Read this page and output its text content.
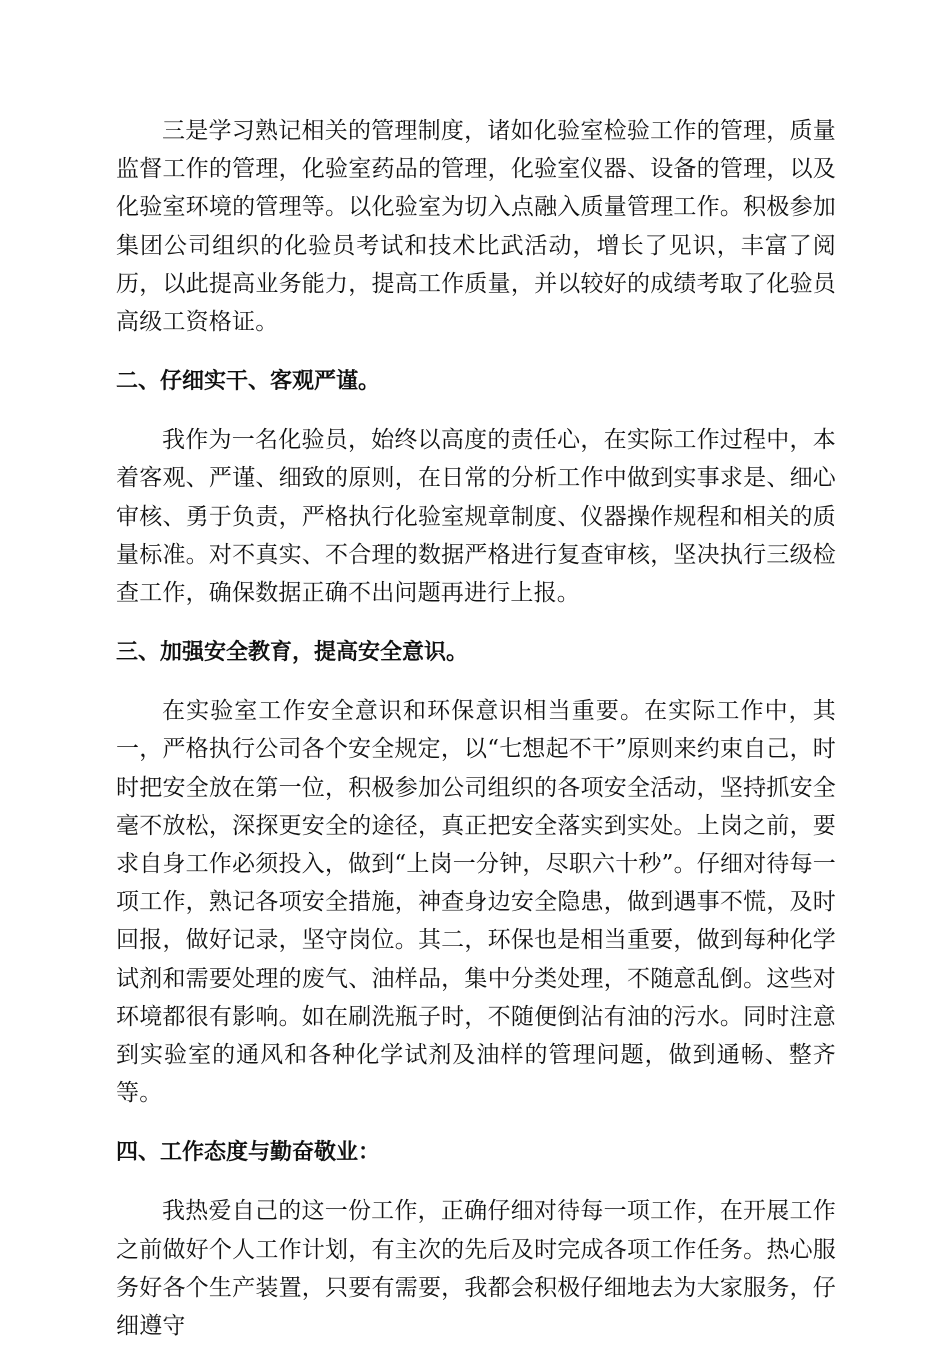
三是学习熟记相关的管理制度，诸如化验室检验工作的管理，质量监督工作的管理，化验室药品的管理，化验室仪器、设备的管理，以及化验室环境的管理等。以化验室为切入点融入质量管理工作。积极参加集团公司组织的化验员考试和技术比武活动，增长了见识，丰富了阅历，以此提高业务能力，提高工作质量，并以较好的成绩考取了化验员高级工资格证。

二、仔细实干、客观严谨。

我作为一名化验员，始终以高度的责任心，在实际工作过程中，本着客观、严谨、细致的原则，在日常的分析工作中做到实事求是、细心审核、勇于负责，严格执行化验室规章制度、仪器操作规程和相关的质量标准。对不真实、不合理的数据严格进行复查审核，坚决执行三级检查工作，确保数据正确不出问题再进行上报。

三、加强安全教育，提高安全意识。

在实验室工作安全意识和环保意识相当重要。在实际工作中，其一，严格执行公司各个安全规定，以“七想起不干”原则来约束自己，时时把安全放在第一位，积极参加公司组织的各项安全活动，坚持抓安全毫不放松，深探更安全的途径，真正把安全落实到实处。上岗之前，要求自身工作必须投入，做到“上岗一分钟，尽职六十秒”。仔细对待每一项工作，熟记各项安全措施，神查身边安全隐患，做到遇事不慌，及时回报，做好记录，坚守岗位。其二，环保也是相当重要，做到每种化学试剂和需要处理的废气、油样品，集中分类处理，不随意乱倒。这些对环境都很有影响。如在刷洗瓶子时，不随便倒沾有油的污水。同时注意到实验室的通风和各种化学试剂及油样的管理问题，做到通畅、整齐等。

四、工作态度与勤奋敬业：

我热爱自己的这一份工作，正确仔细对待每一项工作，在开展工作之前做好个人工作计划，有主次的先后及时完成各项工作任务。热心服务好各个生产装置，只要有需要，我都会积极仔细地去为大家服务，仔细遵守
